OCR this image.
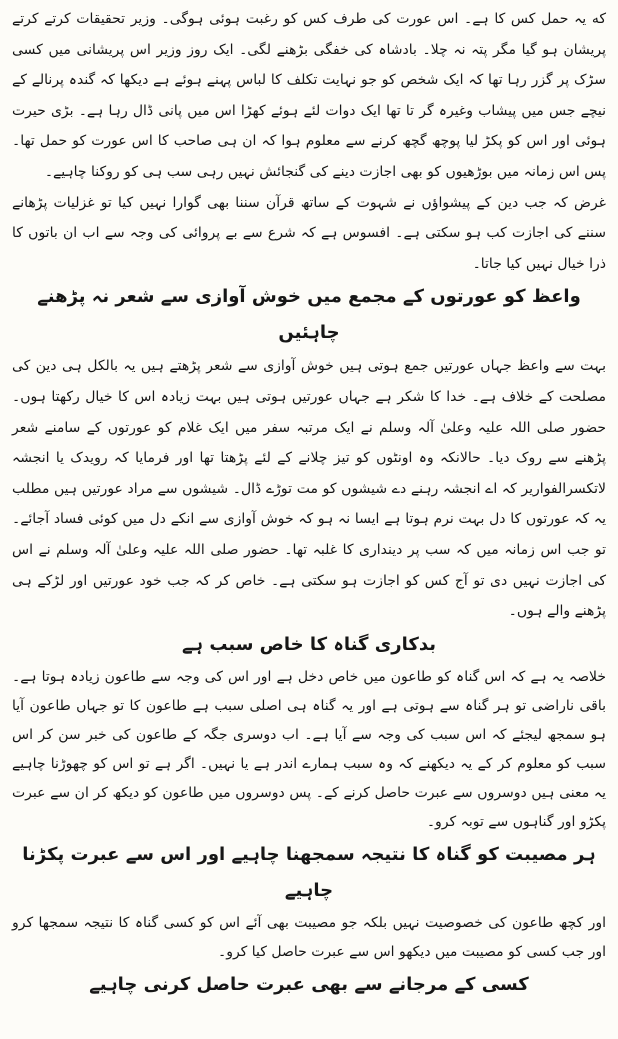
که یہ حمل کس کا ہے۔ اس عورت کی طرف کس کو رغبت ہوئی ہوگی۔ وزیر تحقیقات کرتے کرتے پریشان ہو گیا مگر پتہ نہ چلا۔ بادشاہ کی خفگی بڑھنے لگی۔ ایک روز وزیر اس پریشانی میں کسی سڑک پر گزر رہا تھا کہ ایک شخص کو جو نہایت تکلف کا لباس پہنے ہوئے ہے دیکھا کہ گندہ پرنالے کے نیچے جس میں پیشاب وغیرہ گر تا تھا ایک دوات لئے ہوئے کھڑا اس میں پانی ڈال رہا ہے۔ بڑی حیرت ہوئی اور اس کو پکڑ لیا پوچھ گچھ کرنے سے معلوم ہوا کہ ان ہی صاحب کا اس عورت کو حمل تھا۔ پس اس زمانہ میں بوڑھیوں کو بھی اجازت دینے کی گنجائش نہیں رہی سب ہی کو روکنا چاہیے۔

غرض کہ جب دین کے پیشواؤں نے شہوت کے ساتھ قرآن سننا بھی گوارا نہیں کیا تو غزلیات پڑھانے سننے کی اجازت کب ہو سکتی ہے۔ افسوس ہے کہ شرع سے بے پروائی کی وجہ سے اب ان باتوں کا ذرا خیال نہیں کیا جاتا۔

واعظ کو عورتوں کے مجمع میں خوش آوازی سے شعر نہ پڑھنے چاہئیں

بہت سے واعظ جہاں عورتیں جمع ہوتی ہیں خوش آوازی سے شعر پڑھتے ہیں یہ بالکل ہی دین کی مصلحت کے خلاف ہے۔ خدا کا شکر ہے جہاں عورتیں ہوتی ہیں بہت زیادہ اس کا خیال رکھتا ہوں۔ حضور صلی اللہ علیہ وعلیٰ آلہ وسلم نے ایک مرتبہ سفر میں ایک غلام کو عورتوں کے سامنے شعر پڑھنے سے روک دیا۔ حالانکہ وہ اونٹوں کو تیز چلانے کے لئے پڑھتا تھا اور فرمایا کہ رویدک یا انجشہ لاتکسرالفواریر کہ اے انجشہ رہنے دے شیشوں کو مت توڑے ڈال۔ شیشوں سے مراد عورتیں ہیں مطلب یہ کہ عورتوں کا دل بہت نرم ہوتا ہے ایسا نہ ہو کہ خوش آوازی سے انکے دل میں کوئی فساد آجائے۔ تو جب اس زمانہ میں کہ سب پر دینداری کا غلبہ تھا۔ حضور صلی اللہ علیہ وعلیٰ آلہ وسلم نے اس کی اجازت نہیں دی تو آج کس کو اجازت ہو سکتی ہے۔ خاص کر کہ جب خود عورتیں اور لڑکے ہی پڑھنے والے ہوں۔

بدکاری گناہ کا خاص سبب ہے

خلاصہ یہ ہے کہ اس گناہ کو طاعون میں خاص دخل ہے اور اس کی وجہ سے طاعون زیادہ ہوتا ہے۔ باقی ناراضی تو ہر گناہ سے ہوتی ہے اور یہ گناہ ہی اصلی سبب ہے طاعون کا تو جہاں طاعون آیا ہو سمجھ لیجئے کہ اس سبب کی وجہ سے آیا ہے۔ اب دوسری جگہ کے طاعون کی خبر سن کر اس سبب کو معلوم کر کے یہ دیکھنے کہ وہ سبب ہمارے اندر ہے یا نہیں۔ اگر ہے تو اس کو چھوڑنا چاہیے یہ معنی ہیں دوسروں سے عبرت حاصل کرنے کے۔ پس دوسروں میں طاعون کو دیکھ کر ان سے عبرت پکڑو اور گناہوں سے توبہ کرو۔

ہر مصیبت کو گناہ کا نتیجہ سمجھنا چاہیے اور اس سے عبرت پکڑنا چاہیے

اور کچھ طاعون کی خصوصیت نہیں بلکہ جو مصیبت بھی آئے اس کو کسی گناہ کا نتیجہ سمجھا کرو اور جب کسی کو مصیبت میں دیکھو اس سے عبرت حاصل کیا کرو۔

کسی کے مرجانے سے بھی عبرت حاصل کرنی چاہیے
